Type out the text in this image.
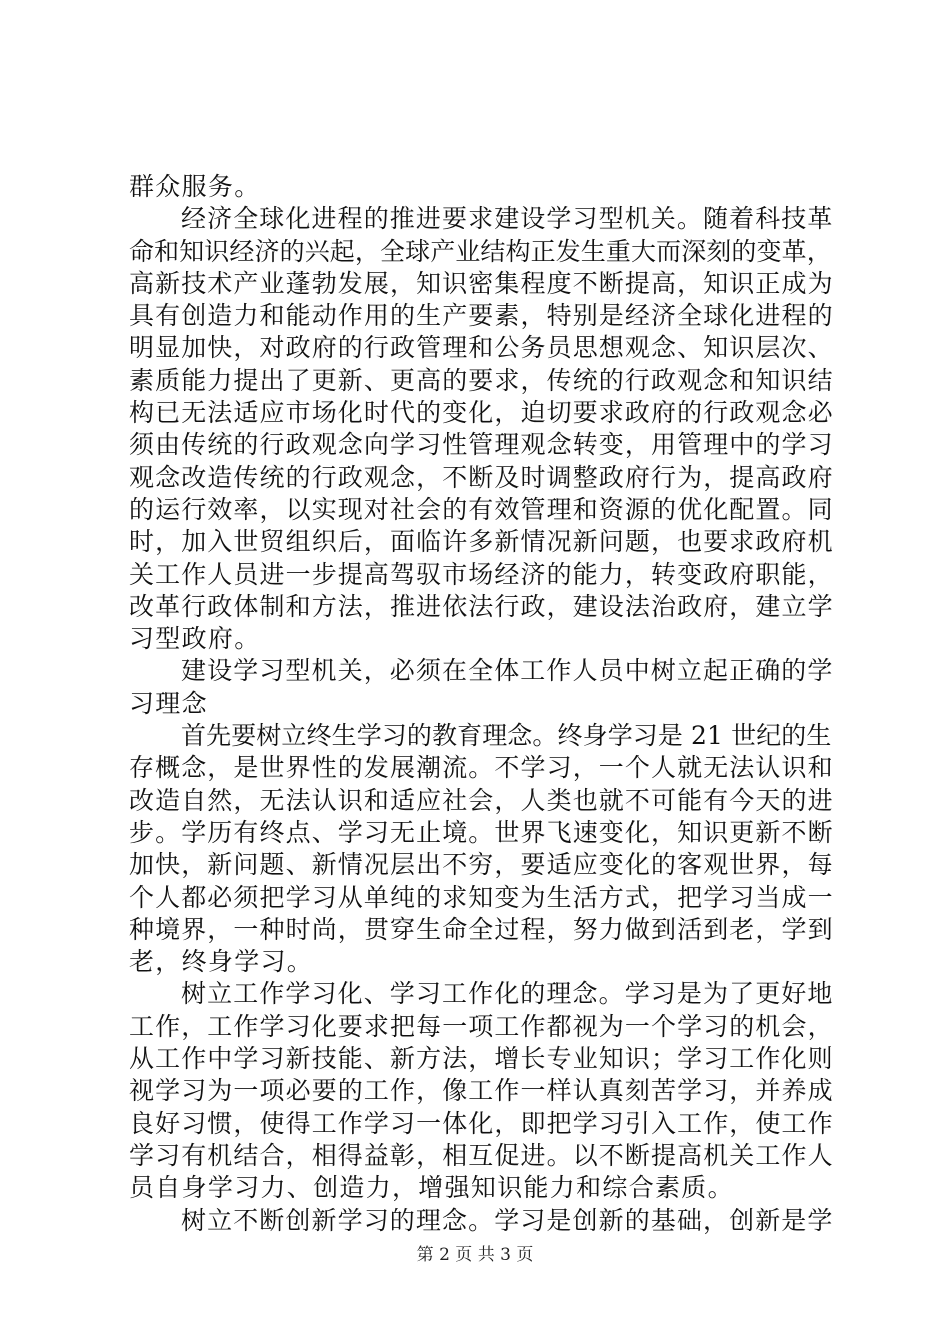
群众服务。
经济全球化进程的推进要求建设学习型机关。随着科技革
命和知识经济的兴起，全球产业结构正发生重大而深刻的变革，
高新技术产业蓬勃发展，知识密集程度不断提高，知识正成为
具有创造力和能动作用的生产要素，特别是经济全球化进程的
明显加快，对政府的行政管理和公务员思想观念、知识层次、
素质能力提出了更新、更高的要求，传统的行政观念和知识结
构已无法适应市场化时代的变化，迫切要求政府的行政观念必
须由传统的行政观念向学习性管理观念转变，用管理中的学习
观念改造传统的行政观念，不断及时调整政府行为，提高政府
的运行效率，以实现对社会的有效管理和资源的优化配置。同
时，加入世贸组织后，面临许多新情况新问题，也要求政府机
关工作人员进一步提高驾驭市场经济的能力，转变政府职能，
改革行政体制和方法，推进依法行政，建设法治政府，建立学
习型政府。
建设学习型机关，必须在全体工作人员中树立起正确的学
习理念
首先要树立终生学习的教育理念。终身学习是 21 世纪的生
存概念，是世界性的发展潮流。不学习，一个人就无法认识和
改造自然，无法认识和适应社会，人类也就不可能有今天的进
步。学历有终点、学习无止境。世界飞速变化，知识更新不断
加快，新问题、新情况层出不穷，要适应变化的客观世界，每
个人都必须把学习从单纯的求知变为生活方式，把学习当成一
种境界，一种时尚，贯穿生命全过程，努力做到活到老，学到
老，终身学习。
树立工作学习化、学习工作化的理念。学习是为了更好地
工作，工作学习化要求把每一项工作都视为一个学习的机会，
从工作中学习新技能、新方法，增长专业知识；学习工作化则
视学习为一项必要的工作，像工作一样认真刻苦学习，并养成
良好习惯，使得工作学习一体化，即把学习引入工作，使工作
学习有机结合，相得益彰，相互促进。以不断提高机关工作人
员自身学习力、创造力，增强知识能力和综合素质。
树立不断创新学习的理念。学习是创新的基础，创新是学
第 2 页 共 3 页
